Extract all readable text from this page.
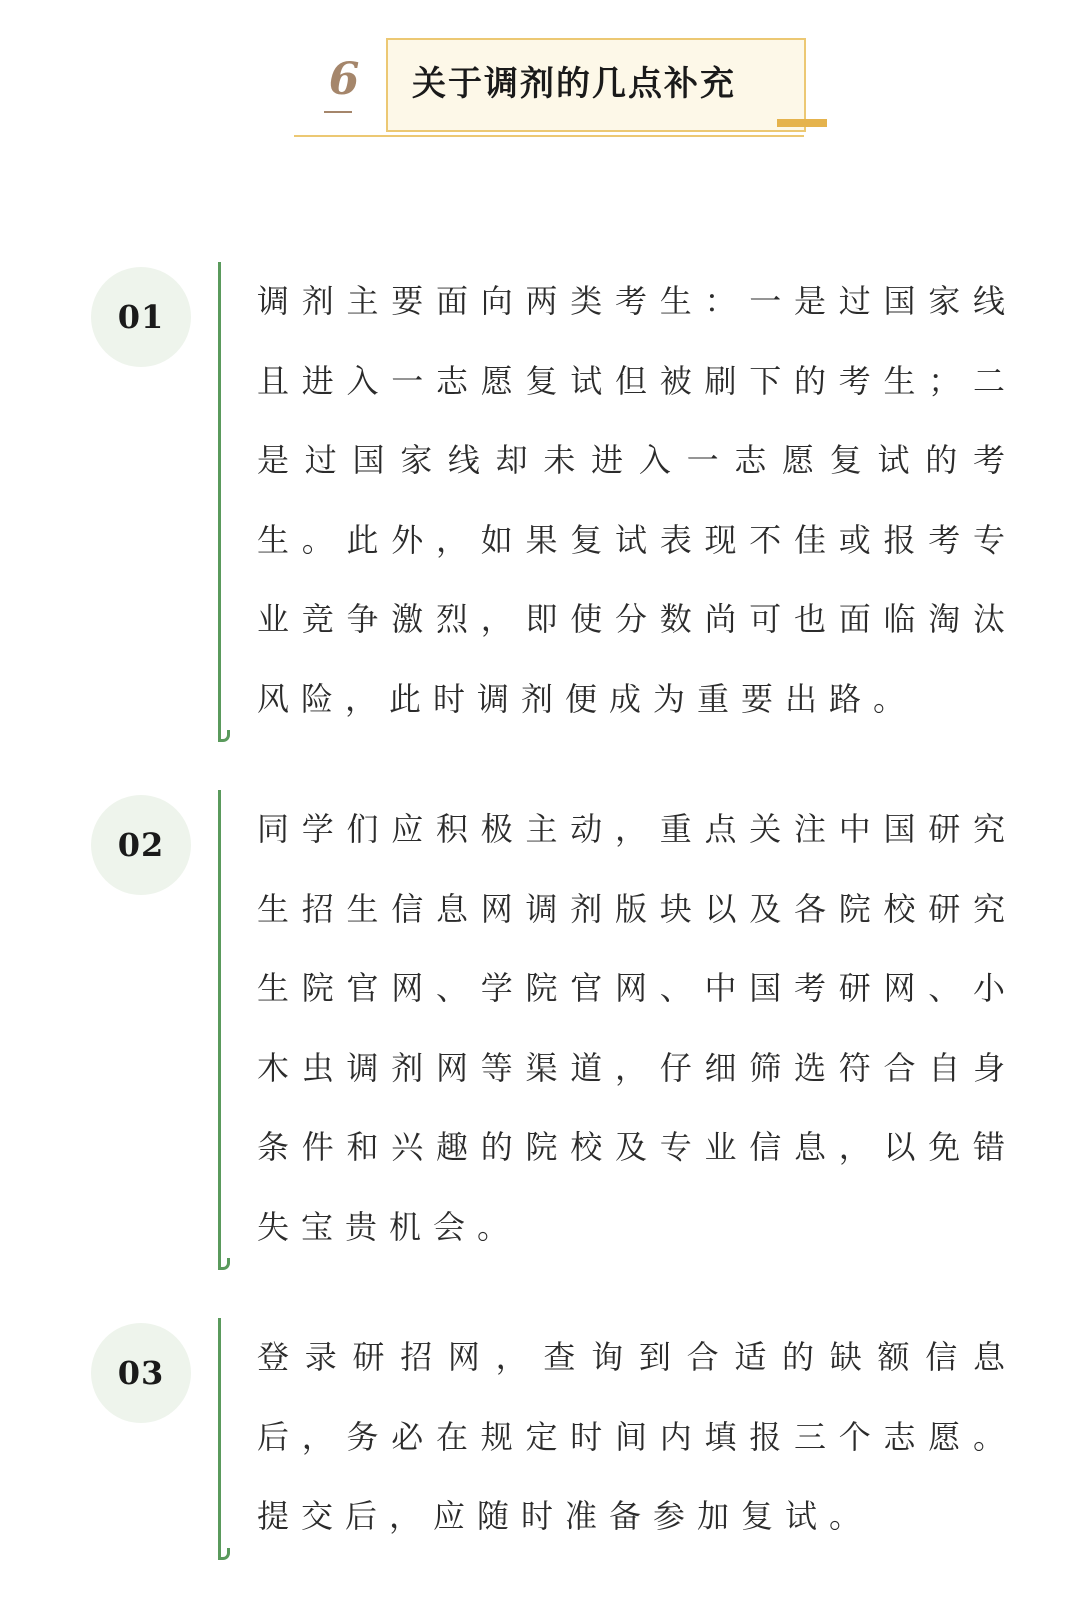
6 关于调剂的几点补充
01	调剂主要面向两类考生：一是过国家线且进入一志愿复试但被刷下的考生；二是过国家线却未进入一志愿复试的考生。此外，如果复试表现不佳或报考专业竞争激烈，即使分数尚可也面临淘汰风险，此时调剂便成为重要出路。

02	同学们应积极主动，重点关注中国研究生招生信息网调剂版块以及各院校研究生院官网、学院官网、中国考研网、小木虫调剂网等渠道，仔细筛选符合自身条件和兴趣的院校及专业信息，以免错失宝贵机会。

03	登录研招网，查询到合适的缺额信息后，务必在规定时间内填报三个志愿。提交后，应随时准备参加复试。
